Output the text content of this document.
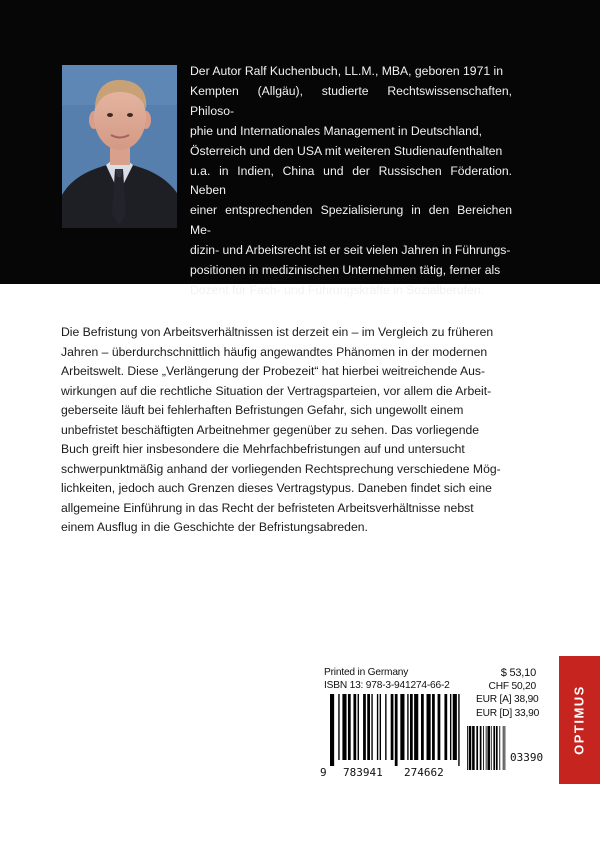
Der Autor Ralf Kuchenbuch, LL.M., MBA, geboren 1971 in
Kempten (Allgäu), studierte Rechtswissenschaften, Philoso-
phie und Internationales Management in Deutschland,
Österreich und den USA mit weiteren Studienaufenthalten
u.a. in Indien, China und der Russischen Föderation. Neben
einer entsprechenden Spezialisierung in den Bereichen Me-
dizin- und Arbeitsrecht ist er seit vielen Jahren in Führungs-
positionen in medizinischen Unternehmen tätig, ferner als
Dozent für Fach- und Führungskräfte in Sozialberufen.
Die Befristung von Arbeitsverhältnissen ist derzeit ein – im Vergleich zu früheren
Jahren – überdurchschnittlich häufig angewandtes Phänomen in der modernen
Arbeitswelt. Diese „Verlängerung der Probezeit“ hat hierbei weitreichende Aus-
wirkungen auf die rechtliche Situation der Vertragsparteien, vor allem die Arbeit-
geberseite läuft bei fehlerhaften Befristungen Gefahr, sich ungewollt einem
unbefristet beschäftigten Arbeitnehmer gegenüber zu sehen. Das vorliegende
Buch greift hier insbesondere die Mehrfachbefristungen auf und untersucht
schwerpunktmäßig anhand der vorliegenden Rechtsprechung verschiedene Mög-
lichkeiten, jedoch auch Grenzen dieses Vertragstypus. Daneben findet sich eine
allgemeine Einführung in das Recht der befristeten Arbeitsverhältnisse nebst
einem Ausflug in die Geschichte der Befristungsabreden.
Printed in Germany
ISBN 13: 978-3-941274-66-2
9 783941 274662
$ 53,10
CHF 50,20
EUR [A] 38,90
EUR [D] 33,90
03390
OPTIMUS
